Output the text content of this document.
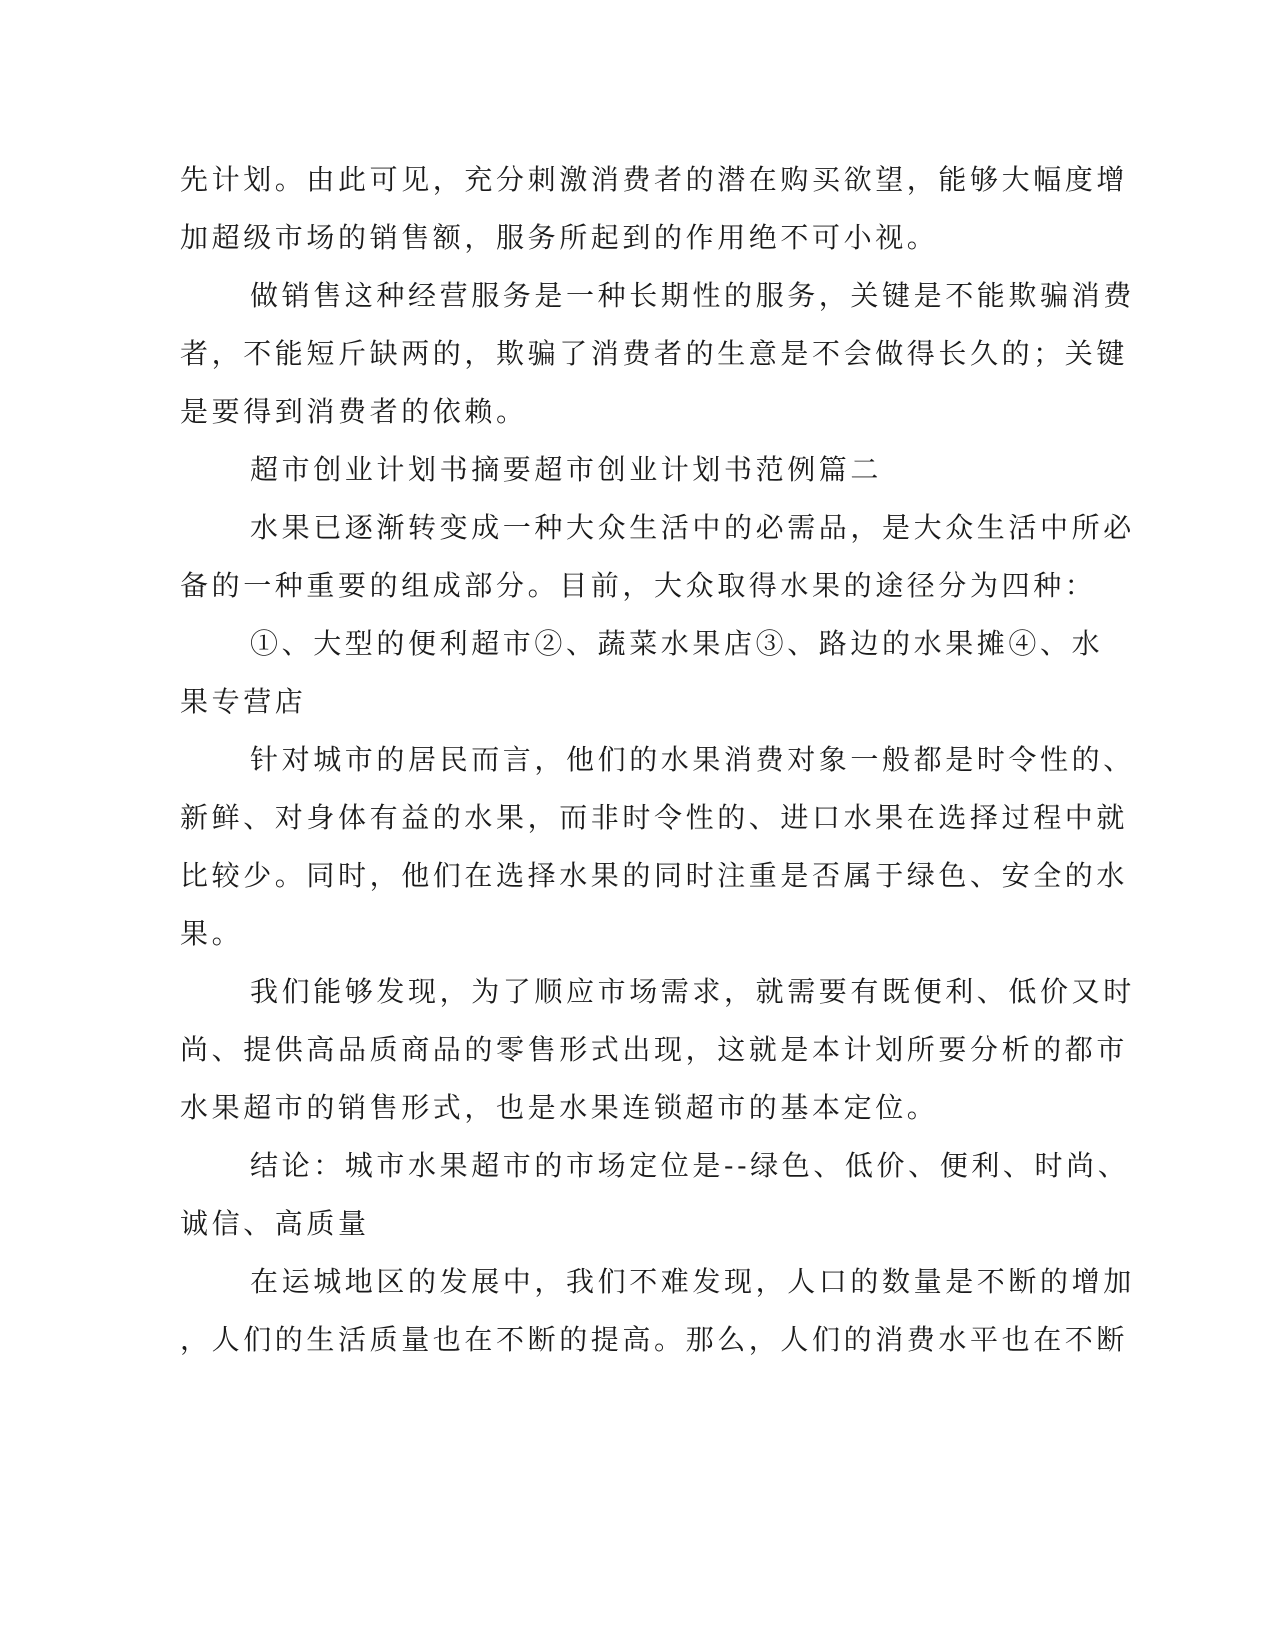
先计划。由此可见，充分刺激消费者的潜在购买欲望，能够大幅度增
加超级市场的销售额，服务所起到的作用绝不可小视。
做销售这种经营服务是一种长期性的服务，关键是不能欺骗消费
者，不能短斤缺两的，欺骗了消费者的生意是不会做得长久的；关键
是要得到消费者的依赖。
超市创业计划书摘要超市创业计划书范例篇二
水果已逐渐转变成一种大众生活中的必需品，是大众生活中所必
备的一种重要的组成部分。目前，大众取得水果的途径分为四种：
①、大型的便利超市②、蔬菜水果店③、路边的水果摊④、水
果专营店
针对城市的居民而言，他们的水果消费对象一般都是时令性的、
新鲜、对身体有益的水果，而非时令性的、进口水果在选择过程中就
比较少。同时，他们在选择水果的同时注重是否属于绿色、安全的水
果。
我们能够发现，为了顺应市场需求，就需要有既便利、低价又时
尚、提供高品质商品的零售形式出现，这就是本计划所要分析的都市
水果超市的销售形式，也是水果连锁超市的基本定位。
结论：城市水果超市的市场定位是--绿色、低价、便利、时尚、
诚信、高质量
在运城地区的发展中，我们不难发现，人口的数量是不断的增加
，人们的生活质量也在不断的提高。那么，人们的消费水平也在不断
